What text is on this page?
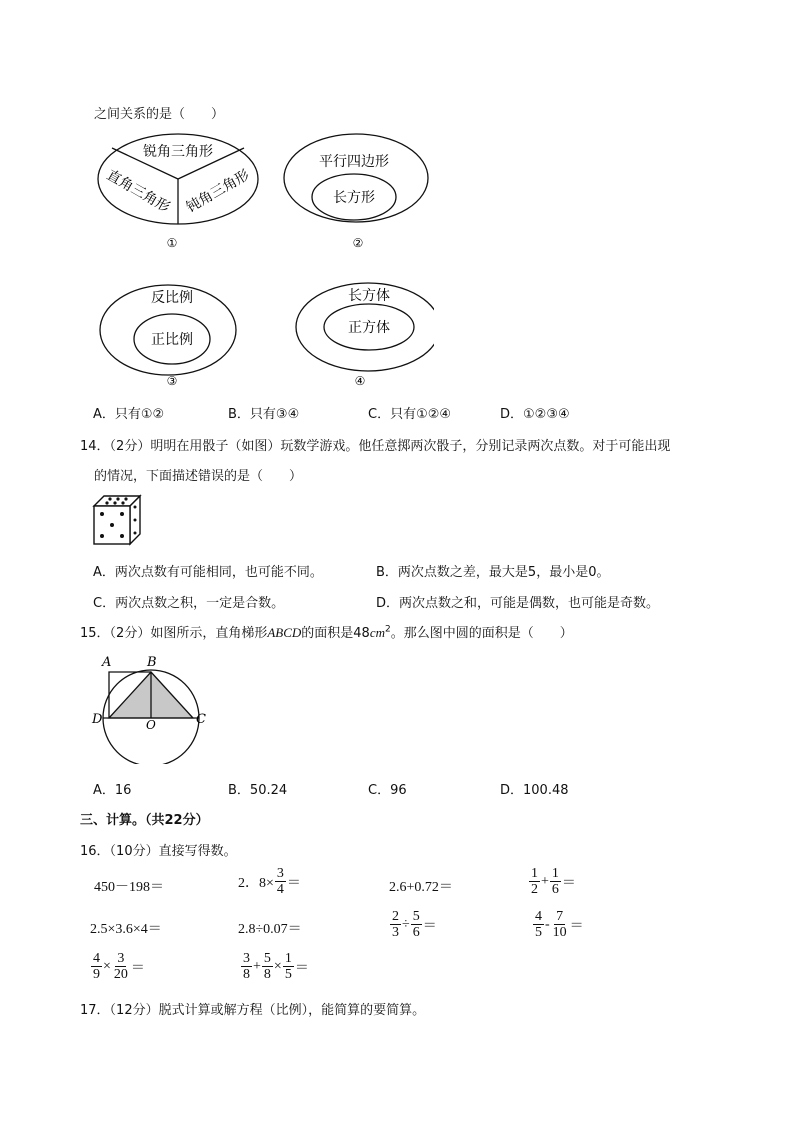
之间关系的是（　　）
锐角三角形
直角三角形 钝角三角形
①
平行四边形
长方形
②
反比例
正比例
③
长方体
正方体
④
A．只有①②	B．只有③④	C．只有①②④	D．①②③④
14．（2分）明明在用骰子（如图）玩数学游戏。他任意掷两次骰子，分别记录两次点数。对于可能出现
的情况，下面描述错误的是（　　）
A．两次点数有可能相同，也可能不同。	B．两次点数之差，最大是5，最小是0。
C．两次点数之积，一定是合数。	D．两次点数之和，可能是偶数，也可能是奇数。
15．（2分）如图所示，直角梯形ABCD的面积是$48cm^2$。那么图中圆的面积是（　　）
A	B
D	C
O
A．16	B．50.24	C．96	D．100.48
三、计算。（共22分）
16．（10分）直接写得数。
450－198＝	2．$8\times \frac{3}{4}$ ＝	2.6+0.72＝	$\frac{1}{2} + \frac{1}{6}$ ＝
2.5×3.6×4＝	2.8÷0.07＝	$\frac{2}{3} \div \frac{5}{6}$ ＝	$\frac{4}{5} - \frac{7}{10}$ ＝
$\frac{4}{9} \times \frac{3}{20}$ ＝	$\frac{3}{8} + \frac{5}{8} \times \frac{1}{5}$ ＝
17．（12分）脱式计算或解方程（比例），能简算的要简算。
